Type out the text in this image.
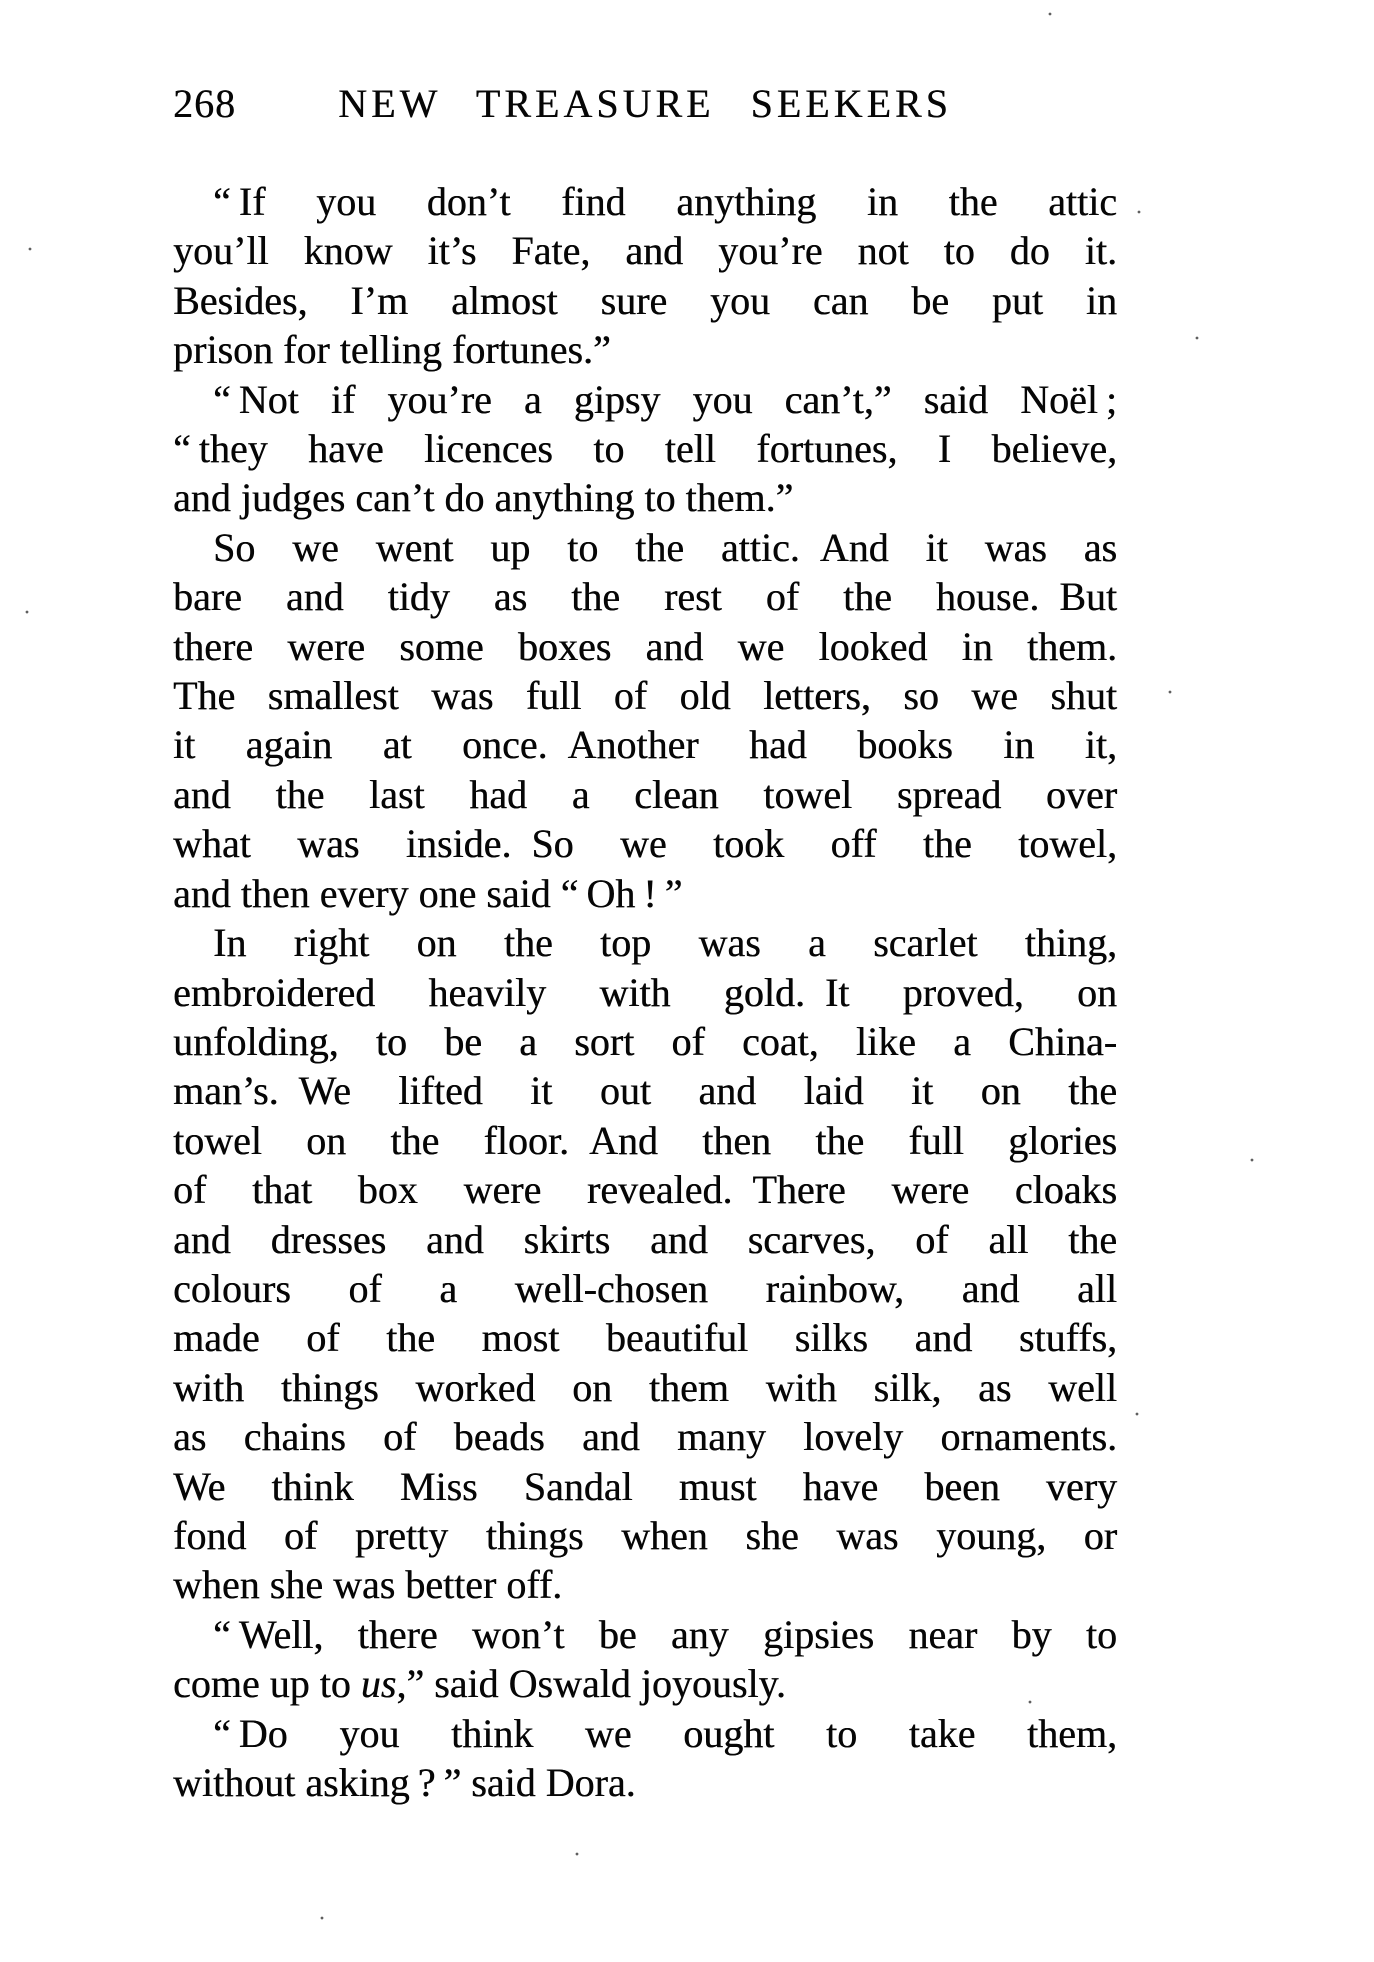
268	NEW TREASURE SEEKERS
“ If you don’t find anything in the attic
you’ll know it’s Fate, and you’re not to do it.
Besides, I’m almost sure you can be put in
prison for telling fortunes.”
“ Not if you’re a gipsy you can’t,” said Noël ;
“ they have licences to tell fortunes, I believe,
and judges can’t do anything to them.”
So we went up to the attic. And it was as
bare and tidy as the rest of the house. But
there were some boxes and we looked in them.
The smallest was full of old letters, so we shut
it again at once. Another had books in it,
and the last had a clean towel spread over
what was inside. So we took off the towel,
and then every one said “ Oh ! ”
In right on the top was a scarlet thing,
embroidered heavily with gold. It proved, on
unfolding, to be a sort of coat, like a China-
man’s. We lifted it out and laid it on the
towel on the floor. And then the full glories
of that box were revealed. There were cloaks
and dresses and skirts and scarves, of all the
colours of a well-chosen rainbow, and all
made of the most beautiful silks and stuffs,
with things worked on them with silk, as well
as chains of beads and many lovely ornaments.
We think Miss Sandal must have been very
fond of pretty things when she was young, or
when she was better off.
“ Well, there won’t be any gipsies near by to
come up to us,” said Oswald joyously.
“ Do you think we ought to take them,
without asking ? ” said Dora.
